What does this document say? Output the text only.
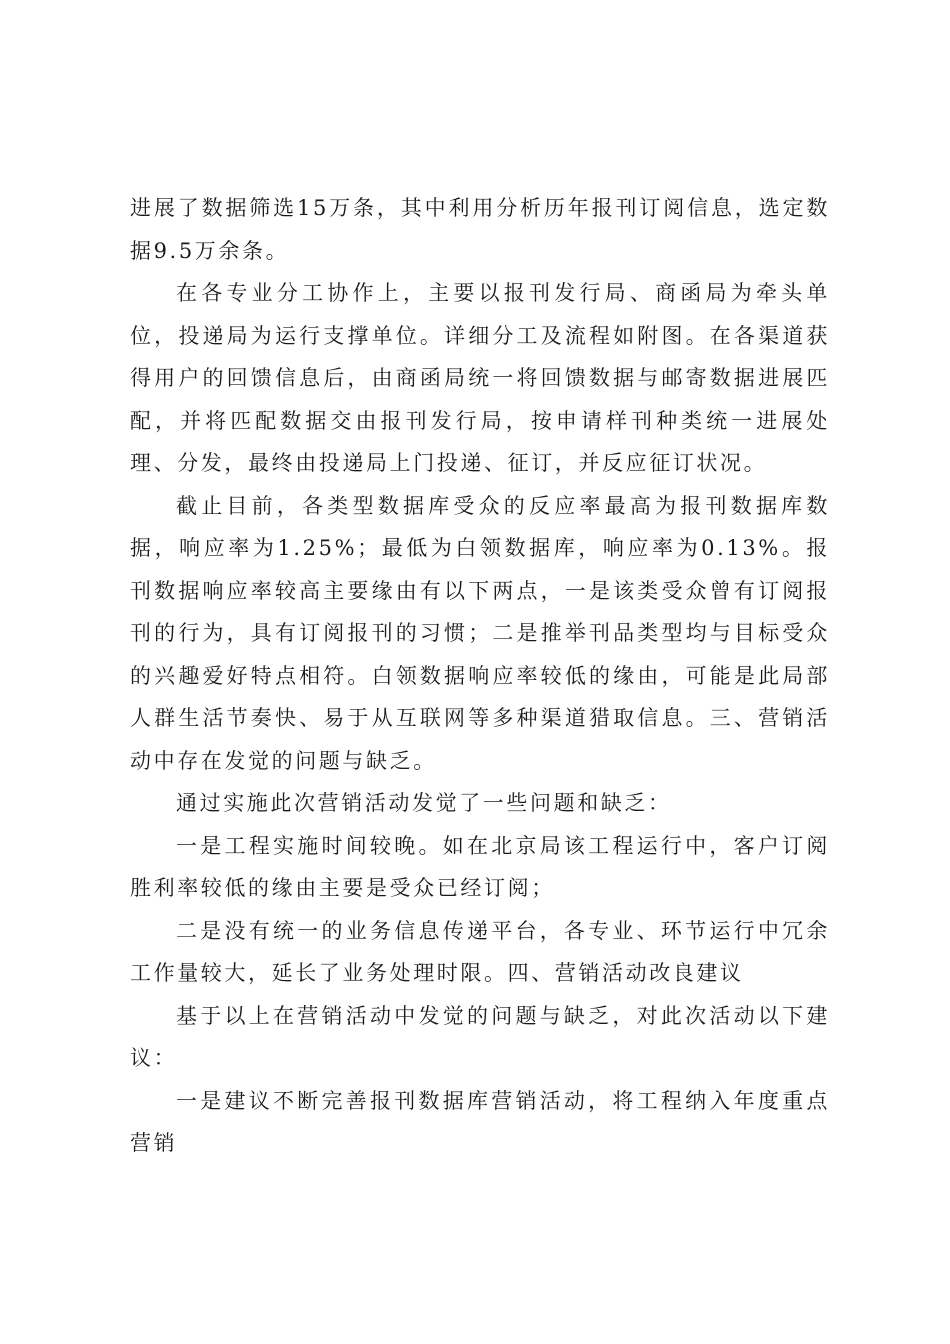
进展了数据筛选15万条，其中利用分析历年报刊订阅信息，选定数据9.5万余条。

在各专业分工协作上，主要以报刊发行局、商函局为牵头单位，投递局为运行支撑单位。详细分工及流程如附图。在各渠道获得用户的回馈信息后，由商函局统一将回馈数据与邮寄数据进展匹配，并将匹配数据交由报刊发行局，按申请样刊种类统一进展处理、分发，最终由投递局上门投递、征订，并反应征订状况。

截止目前，各类型数据库受众的反应率最高为报刊数据库数据，响应率为1.25%；最低为白领数据库，响应率为0.13%。报刊数据响应率较高主要缘由有以下两点，一是该类受众曾有订阅报刊的行为，具有订阅报刊的习惯；二是推举刊品类型均与目标受众的兴趣爱好特点相符。白领数据响应率较低的缘由，可能是此局部人群生活节奏快、易于从互联网等多种渠道猎取信息。三、营销活动中存在发觉的问题与缺乏。

通过实施此次营销活动发觉了一些问题和缺乏：

一是工程实施时间较晚。如在北京局该工程运行中，客户订阅胜利率较低的缘由主要是受众已经订阅；

二是没有统一的业务信息传递平台，各专业、环节运行中冗余工作量较大，延长了业务处理时限。四、营销活动改良建议

基于以上在营销活动中发觉的问题与缺乏，对此次活动以下建议：

一是建议不断完善报刊数据库营销活动，将工程纳入年度重点营销
